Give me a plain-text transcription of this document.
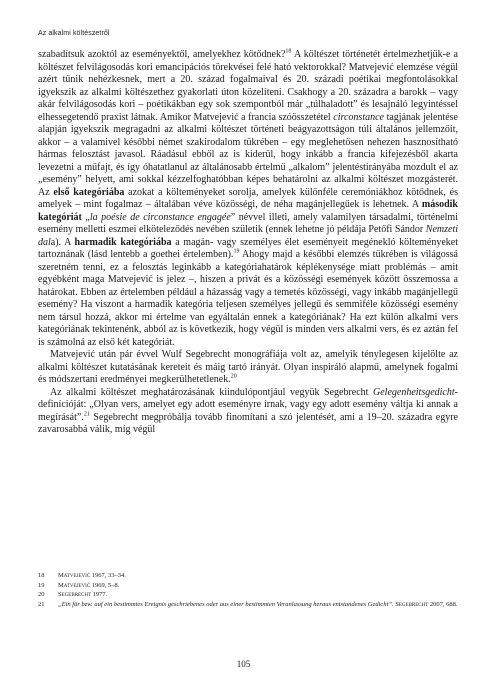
Az alkalmi költészetről

szabadítsuk azoktól az eseményektől, amelyekhez kötődnek?$^{18}$ A költészet történetét értelmezhetjük-e a költészet felvilágosodás kori emancipációs törekvései felé ható vektorokkal? Matvejević elemzése végül azért tűnik nehézkesnek, mert a 20. század fogalmaival és 20. századi poétikai megfontolásokkal igyekszik az alkalmi költészethez gyakorlati úton közelíteni. Csakhogy a 20. századra a barokk – vagy akár felvilágosodás kori – poétikákban egy sok szempontból már „túlhaladott” és lesajnáló legyintéssel elhessegetendő praxist látnak. Amikor Matvejević a francia szóösszetétel circonstance tagjának jelentése alapján igyekszik megragadni az alkalmi költészet történeti beágyazottságon túli általános jellemzőit, akkor – a valamivel későbbi német szakirodalom tükrében – egy meglehetősen nehezen hasznosítható hármas felosztást javasol. Ráadásul ebből az is kiderül, hogy inkább a francia kifejezésből akarta levezetni a műfajt, és így óhatatlanul az általánosabb értelmű „alkalom” jelentéstirányába mozdult el az „esemény” helyett, ami sokkal kézzelfoghatóbban képes behatárolni az alkalmi költészet mozgásterét. Az első kategóriába azokat a költeményeket sorolja, amelyek különféle ceremóniákhoz kötődnek, és amelyek – mint fogalmaz – általában véve közösségi, de néha magánjellegűek is lehetnek. A második kategóriát „la poésie de circonstance engagée” névvel illeti, amely valamilyen társadalmi, történelmi esemény melletti eszmei elköteleződés nevében születik (ennek lehetne jó példája Petőfi Sándor Nemzeti dala). A harmadik kategóriába a magán- vagy személyes élet eseményeit megénekló költeményeket tartoznának (lásd lentebb a goethei értelemben).$^{19}$ Ahogy majd a későbbi elemzés tükrében is világossá szeretném tenni, ez a felosztás leginkább a kategóriahatárok képlékenysége miatt problémás – amit egyébként maga Matvejević is jelez –, hiszen a privát és a közösségi események között összemossa a határokat. Ebben az értelemben például a házasság vagy a temetés közösségi, vagy inkább magánjellegű esemény? Ha viszont a harmadik kategória teljesen személyes jellegű és semmiféle közösségi esemény nem társul hozzá, akkor mi értelme van egyáltalán ennek a kategóriának? Ha ezt külön alkalmi vers kategóriának tekintenénk, abból az is következik, hogy végül is minden vers alkalmi vers, és ez aztán fel is számolná az első két kategóriát.

Matvejević után pár évvel Wulf Segebrecht monográfiája volt az, amelyik ténylegesen kijelölte az alkalmi költészet kutatásának kereteit és máig tartó irányát. Olyan inspiráló alapmű, amelynek fogalmi és módszertani eredményei megkerülhetetlenek.$^{20}$

Az alkalmi költészet meghatározásának kiindulópontjául vegyük Segebrecht Gelegenheitsgedicht-definícióját: „Olyan vers, amelyet egy adott eseményre írnak, vagy egy adott esemény váltja ki annak a megírását”.$^{21}$ Segebrecht megpróbálja tovább finomítani a szó jelentését, ami a 19–20. századra egyre zavarosabbá válik, míg végül

18	Matvejević 1967, 33–34.
19	Matvejević 1969, 5–8.
20	Segebrecht 1977.
21	„Ein für bzw. auf ein bestimmtes Ereignis geschriebenes oder aus einer bestimmten Veranlassung heraus entstandenes Gedicht”. Segebrecht 2007, 688.
105
